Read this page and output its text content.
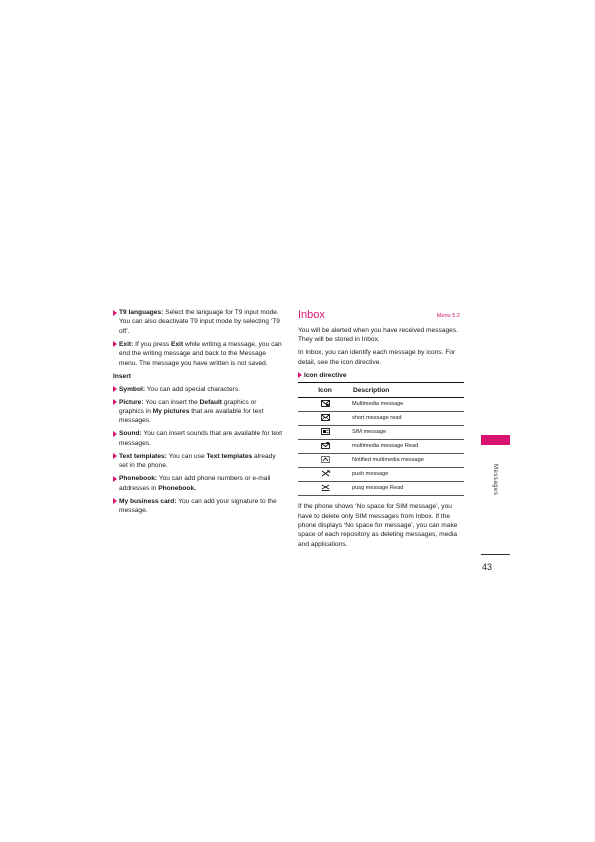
T9 languages: Select the language for T9 input mode. You can also deactivate T9 input mode by selecting ‘T9 off’.
Exit: If you press Exit while writing a message, you can end the writing message and back to the Message menu. The message you have written is not saved.
Insert
Symbol: You can add special characters.
Picture: You can insert the Default graphics or graphics in My pictures that are available for text messages.
Sound: You can insert sounds that are available for text messages.
Text templates: You can use Text templates already set in the phone.
Phonebook: You can add phone numbers or e-mail addresses in Phonebook.
My business card: You can add your signature to the message.
Inbox	Menu 5.2
You will be alerted when you have received messages. They will be stored in Inbox.
In Inbox, you can identify each message by icons. For detail, see the icon directive.
Icon directive
Icon	Description
	Multimedia message
	short message read
	SIM message
	multimedia message Read
	Notified multimedia message
	push message
	pusg message Read
If the phone shows ‘No space for SIM message’, you have to delete only SIM messages from Inbox. If the phone displays ‘No space for message’, you can make space of each repository as deleting messages, media and applications.
Messages
43
